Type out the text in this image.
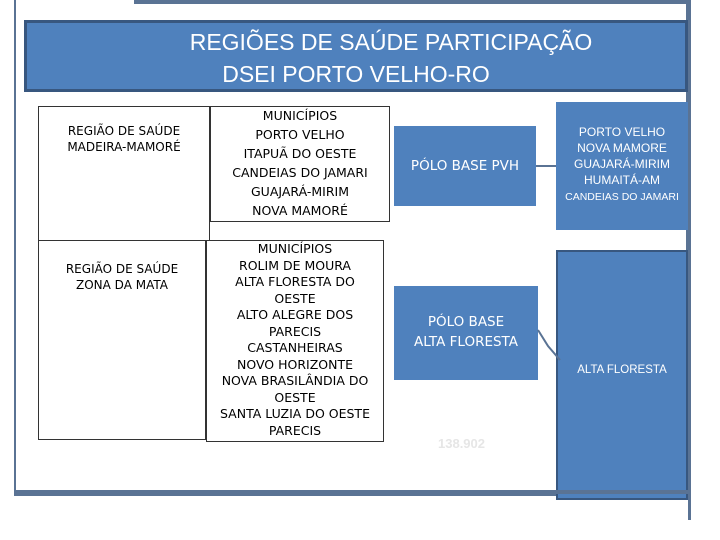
REGIÕES DE SAÚDE PARTICIPAÇÃO
DSEI PORTO VELHO-RO
REGIÃO DE SAÚDE
MADEIRA-MAMORÉ
MUNICÍPIOS
PORTO VELHO
ITAPUÃ DO OESTE
CANDEIAS DO JAMARI
GUAJARÁ-MIRIM
NOVA MAMORÉ
PÓLO BASE PVH
PORTO VELHO
NOVA MAMORE
GUAJARÁ-MIRIM
HUMAITÁ-AM
CANDEIAS DO JAMARI
REGIÃO DE SAÚDE
ZONA DA MATA
MUNICÍPIOS
ROLIM DE MOURA
ALTA FLORESTA DO
OESTE
ALTO ALEGRE DOS
PARECIS
CASTANHEIRAS
NOVO HORIZONTE
NOVA BRASILÂNDIA DO
OESTE
SANTA LUZIA DO OESTE
PARECIS
PÓLO BASE
ALTA FLORESTA
ALTA FLORESTA
138.902
